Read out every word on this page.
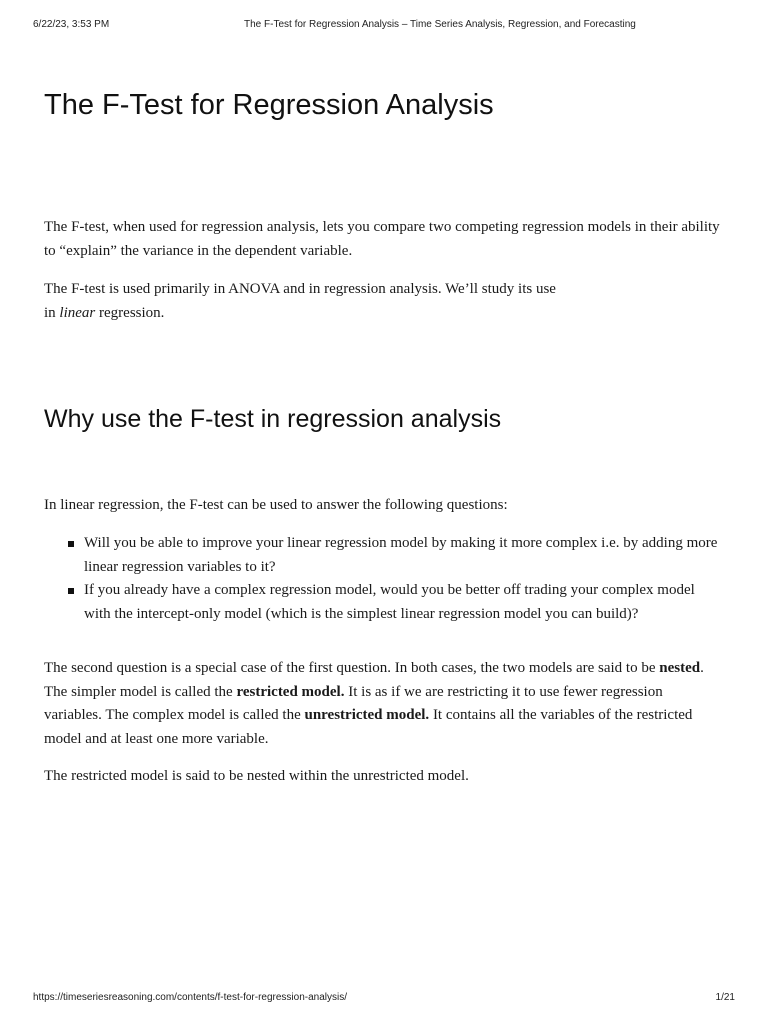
6/22/23, 3:53 PM	The F-Test for Regression Analysis – Time Series Analysis, Regression, and Forecasting
The F-Test for Regression Analysis

The F-test, when used for regression analysis, lets you compare two competing regression models in their ability to “explain” the variance in the dependent variable.

The F-test is used primarily in ANOVA and in regression analysis. We’ll study its use
in linear regression.

Why use the F-test in regression analysis

In linear regression, the F-test can be used to answer the following questions:

Will you be able to improve your linear regression model by making it more complex i.e. by adding more linear regression variables to it?
If you already have a complex regression model, would you be better off trading your complex model with the intercept-only model (which is the simplest linear regression model you can build)?

The second question is a special case of the first question. In both cases, the two models are said to be nested. The simpler model is called the restricted model. It is as if we are restricting it to use fewer regression variables. The complex model is called the unrestricted model. It contains all the variables of the restricted model and at least one more variable.

The restricted model is said to be nested within the unrestricted model.

https://timeseriesreasoning.com/contents/f-test-for-regression-analysis/	1/21
